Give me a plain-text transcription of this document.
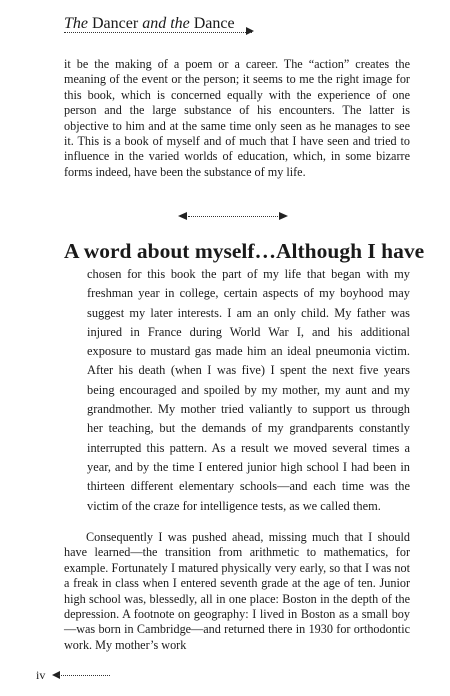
The Dancer and the Dance

it be the making of a poem or a career. The “action” creates the meaning of the event or the person; it seems to me the right image for this book, which is concerned equally with the experience of one person and the large substance of his encounters. The latter is objective to him and at the same time only seen as he manages to see it. This is a book of myself and of much that I have seen and tried to influence in the varied worlds of education, which, in some bizarre forms indeed, have been the substance of my life.

A word about myself…Although I have

chosen for this book the part of my life that began with my freshman year in college, certain aspects of my boyhood may suggest my later interests. I am an only child. My father was injured in France during World War I, and his additional exposure to mustard gas made him an ideal pneumonia victim. After his death (when I was five) I spent the next five years being encouraged and spoiled by my mother, my aunt and my grandmother. My mother tried valiantly to support us through her teaching, but the demands of my grandparents constantly interrupted this pattern. As a result we moved several times a year, and by the time I entered junior high school I had been in thirteen different elementary schools—and each time was the victim of the craze for intelligence tests, as we called them.

Consequently I was pushed ahead, missing much that I should have learned—the transition from arithmetic to mathematics, for example. Fortunately I matured physically very early, so that I was not a freak in class when I entered seventh grade at the age of ten. Junior high school was, blessedly, all in one place: Boston in the depth of the depression. A footnote on geography: I lived in Boston as a small boy—was born in Cambridge—and returned there in 1930 for orthodontic work. My mother’s work

iv
